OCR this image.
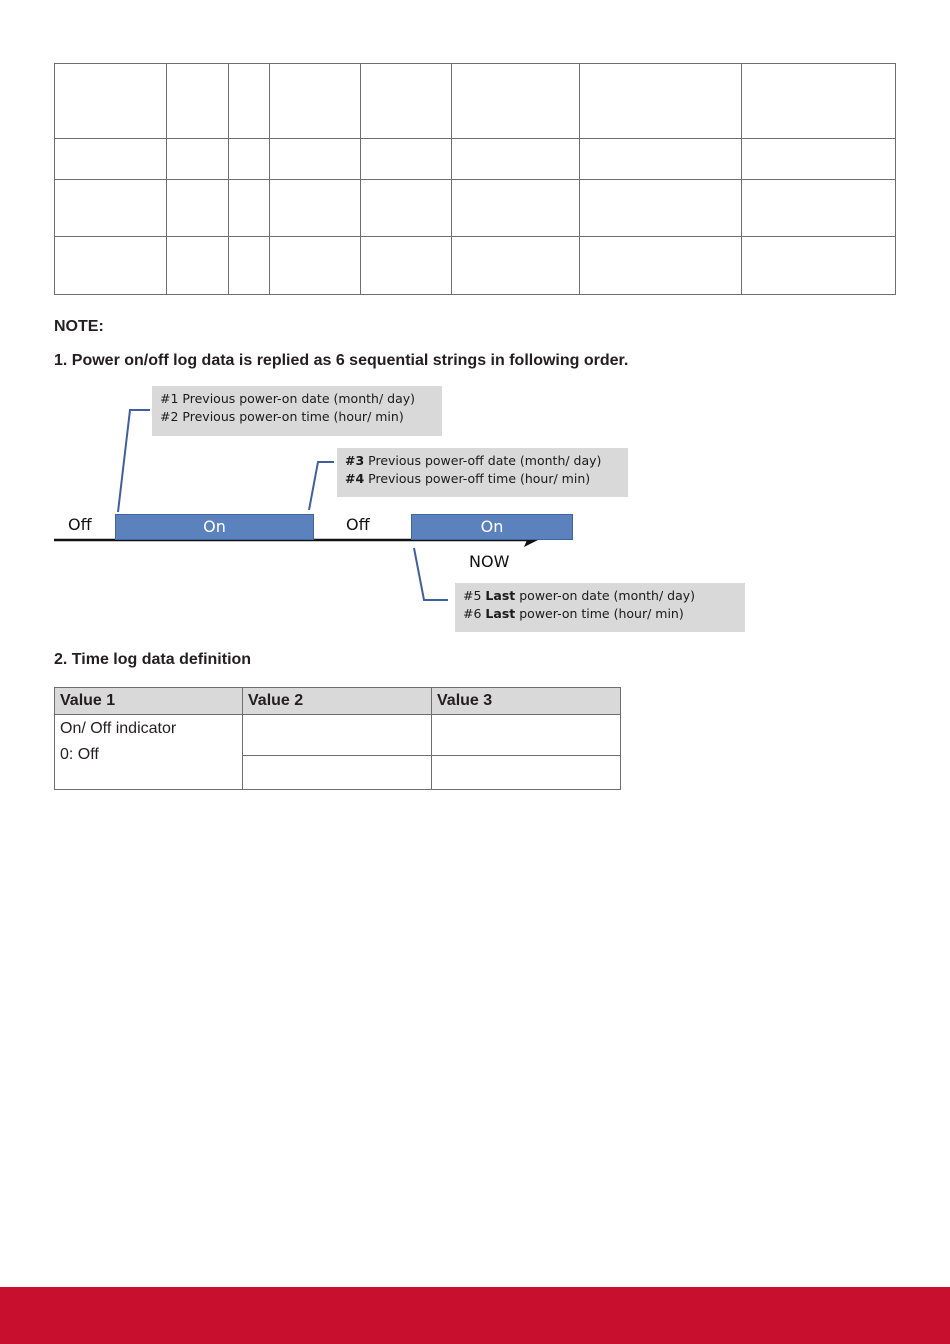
NOTE:
1. Power on/off log data is replied as 6 sequential strings in following order.
#1 Previous power-on date (month/ day)
#2 Previous power-on time (hour/ min)
#3 Previous power-off date (month/ day)
#4 Previous power-off time (hour/ min)
#5 Last power-on date (month/ day)
#6 Last power-on time (hour/ min)
Off	On	Off	On
NOW
2. Time log data definition
Value 1	Value 2	Value 3

On/ Off indicator
0: Off		
